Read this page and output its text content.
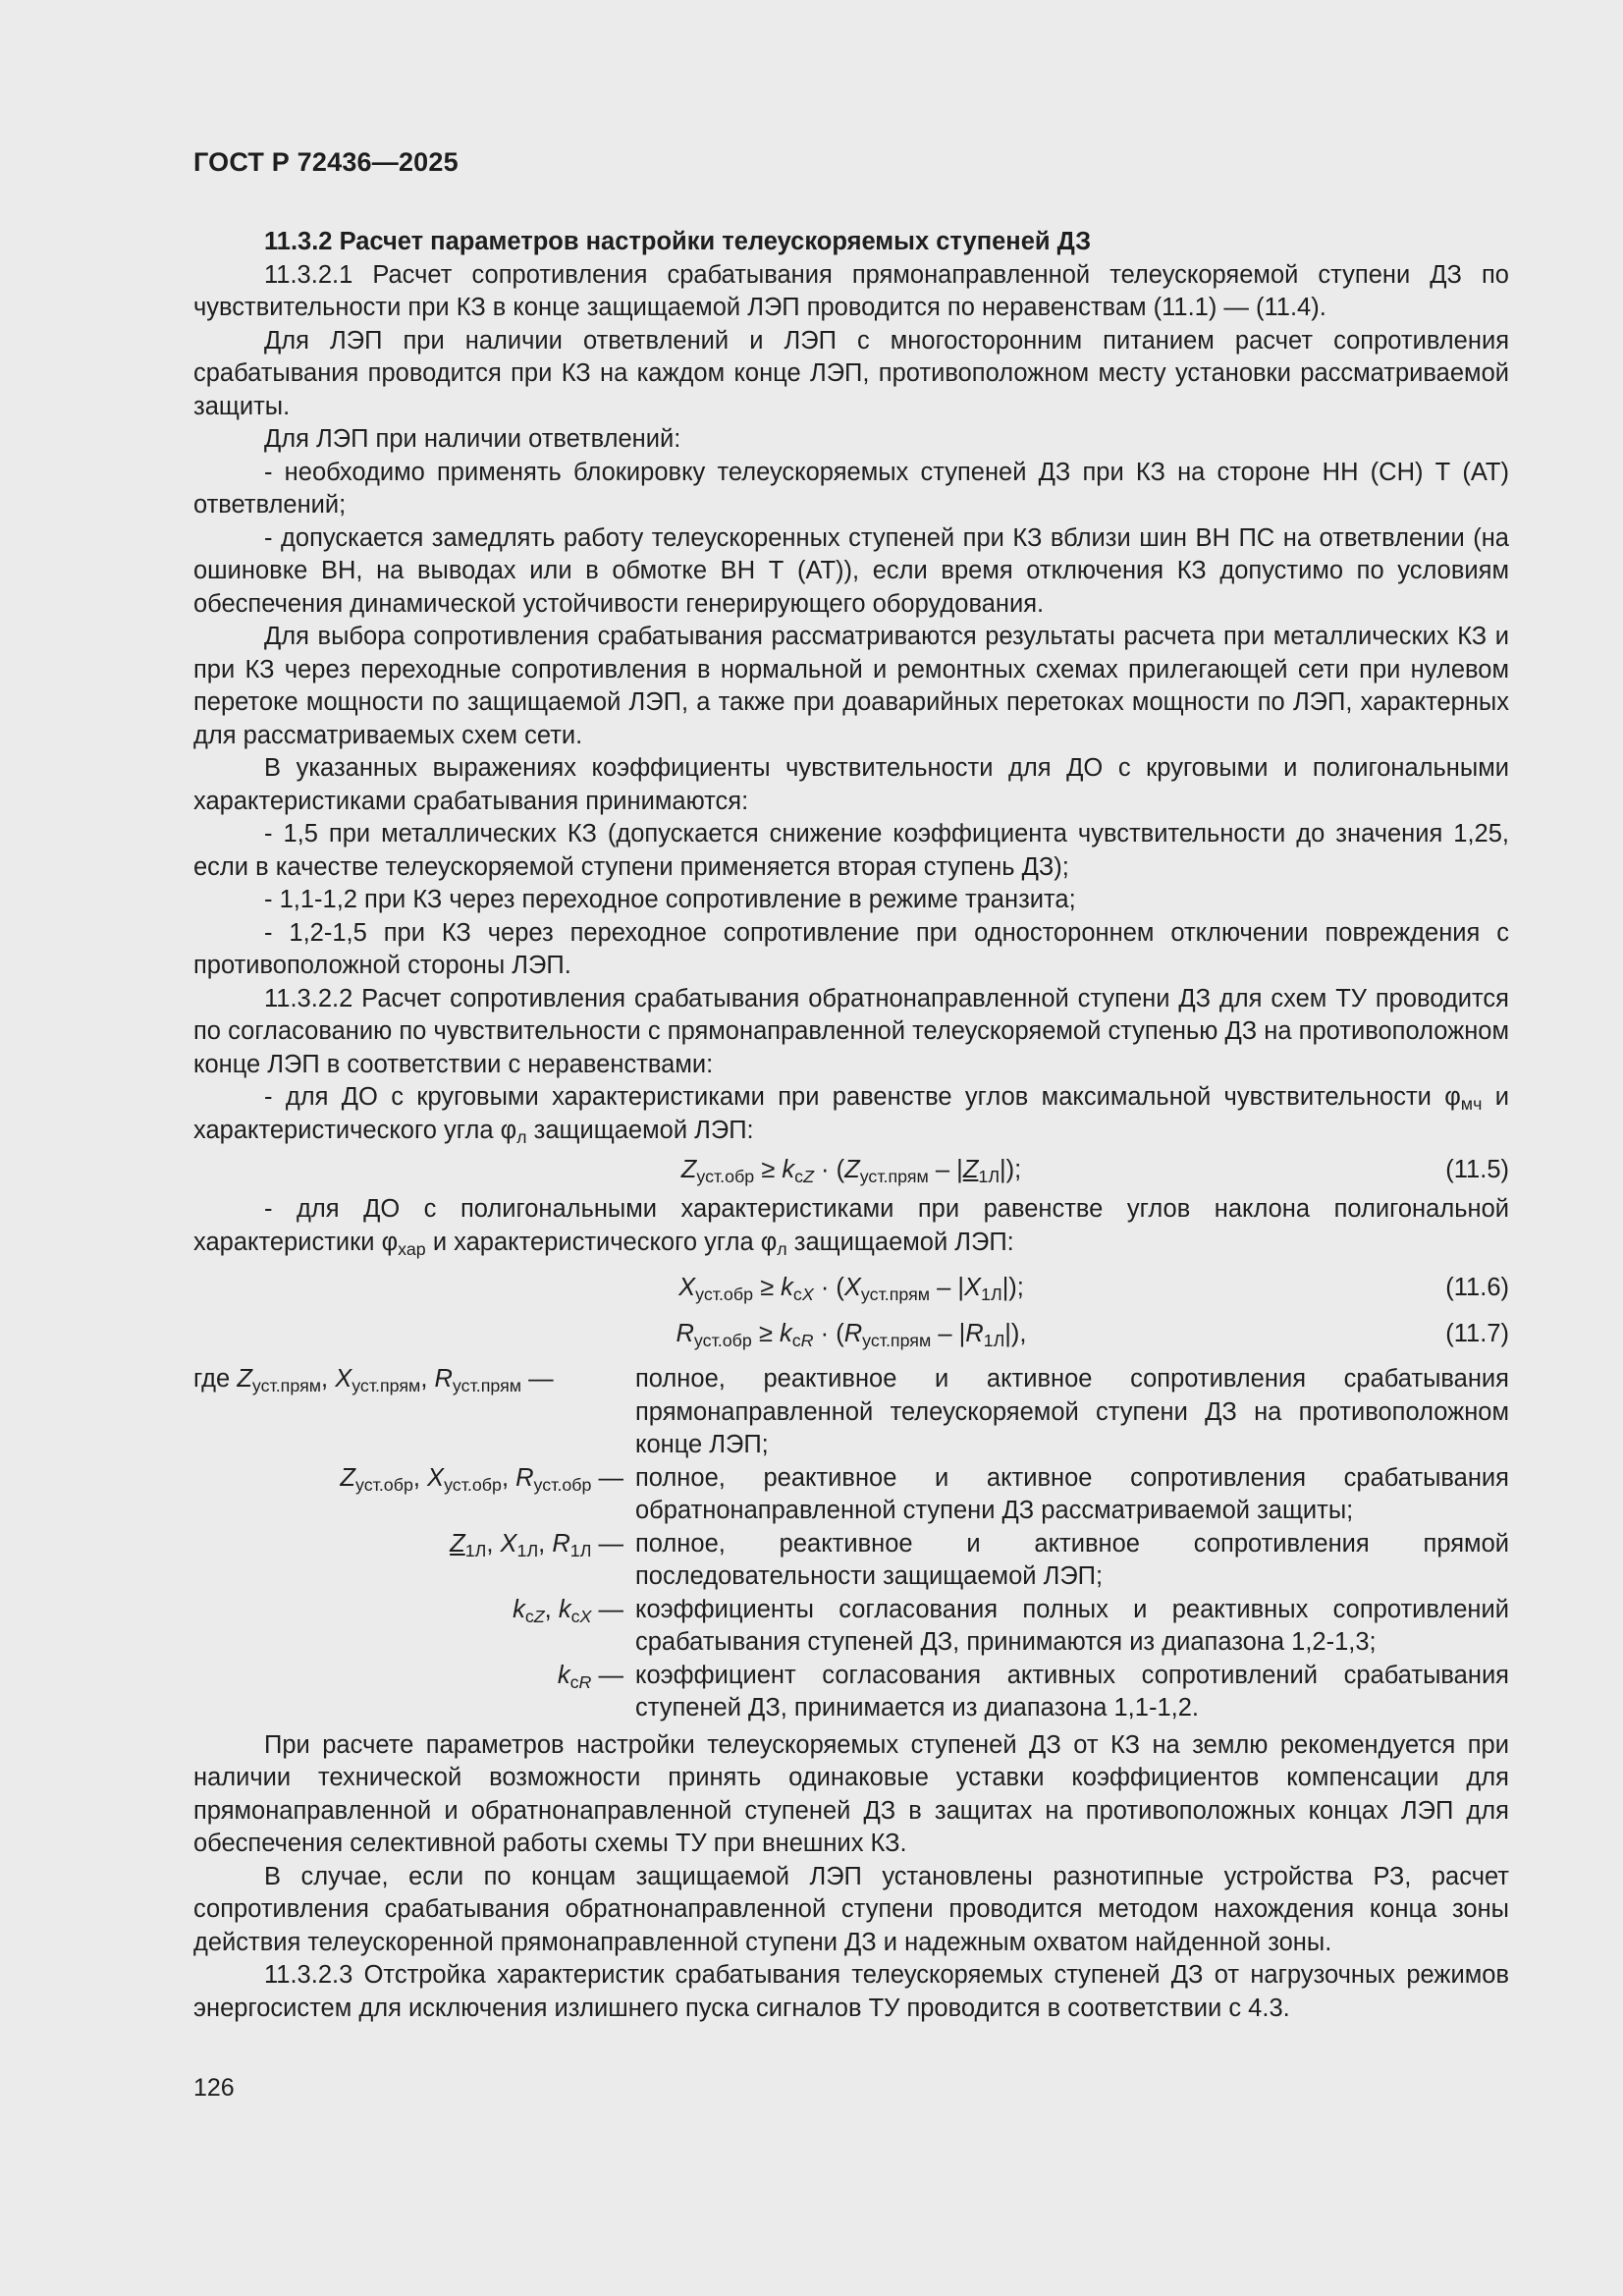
ГОСТ Р 72436—2025

11.3.2 Расчет параметров настройки телеускоряемых ступеней ДЗ

11.3.2.1 Расчет сопротивления срабатывания прямонаправленной телеускоряемой ступени ДЗ по чувствительности при КЗ в конце защищаемой ЛЭП проводится по неравенствам (11.1) — (11.4).

Для ЛЭП при наличии ответвлений и ЛЭП с многосторонним питанием расчет сопротивления срабатывания проводится при КЗ на каждом конце ЛЭП, противоположном месту установки рассматриваемой защиты.

Для ЛЭП при наличии ответвлений:

- необходимо применять блокировку телеускоряемых ступеней ДЗ при КЗ на стороне НН (СН) Т (АТ) ответвлений;

- допускается замедлять работу телеускоренных ступеней при КЗ вблизи шин ВН ПС на ответвлении (на ошиновке ВН, на выводах или в обмотке ВН Т (АТ)), если время отключения КЗ допустимо по условиям обеспечения динамической устойчивости генерирующего оборудования.

Для выбора сопротивления срабатывания рассматриваются результаты расчета при металлических КЗ и при КЗ через переходные сопротивления в нормальной и ремонтных схемах прилегающей сети при нулевом перетоке мощности по защищаемой ЛЭП, а также при доаварийных перетоках мощности по ЛЭП, характерных для рассматриваемых схем сети.

В указанных выражениях коэффициенты чувствительности для ДО с круговыми и полигональными характеристиками срабатывания принимаются:

- 1,5 при металлических КЗ (допускается снижение коэффициента чувствительности до значения 1,25, если в качестве телеускоряемой ступени применяется вторая ступень ДЗ);

- 1,1-1,2 при КЗ через переходное сопротивление в режиме транзита;

- 1,2-1,5 при КЗ через переходное сопротивление при одностороннем отключении повреждения с противоположной стороны ЛЭП.

11.3.2.2 Расчет сопротивления срабатывания обратнонаправленной ступени ДЗ для схем ТУ проводится по согласованию по чувствительности с прямонаправленной телеускоряемой ступенью ДЗ на противоположном конце ЛЭП в соответствии с неравенствами:

- для ДО с круговыми характеристиками при равенстве углов максимальной чувствительности $\varphi_{мч}$ и характеристического угла $\varphi_л$ защищаемой ЛЭП:

$Z_{уст.обр} \ge k_{сZ} \cdot (Z_{уст.прям} - |Z_{1Л}|)$;	(11.5)

- для ДО с полигональными характеристиками при равенстве углов наклона полигональной характеристики $\varphi_{хар}$ и характеристического угла $\varphi_л$ защищаемой ЛЭП:

$X_{уст.обр} \ge k_{сX} \cdot (X_{уст.прям} - |X_{1Л}|)$;	(11.6)
$R_{уст.обр} \ge k_{сR} \cdot (R_{уст.прям} - |R_{1Л}|)$,	(11.7)
где $Z_{уст.прям}$, $X_{уст.прям}$, $R_{уст.прям}$ —	полное, реактивное и активное сопротивления срабатывания прямонаправленной телеускоряемой ступени ДЗ на противоположном конце ЛЭП;
$Z_{уст.обр}$, $X_{уст.обр}$, $R_{уст.обр}$ — полное, реактивное и активное сопротивления срабатывания обратнонаправленной ступени ДЗ рассматриваемой защиты;
$Z_{1Л}$, $X_{1Л}$, $R_{1Л}$ — полное, реактивное и активное сопротивления прямой последовательности защищаемой ЛЭП;
$k_{сZ}$, $k_{сX}$ — коэффициенты согласования полных и реактивных сопротивлений срабатывания ступеней ДЗ, принимаются из диапазона 1,2-1,3;
$k_{сR}$ — коэффициент согласования активных сопротивлений срабатывания ступеней ДЗ, принимается из диапазона 1,1-1,2.

При расчете параметров настройки телеускоряемых ступеней ДЗ от КЗ на землю рекомендуется при наличии технической возможности принять одинаковые уставки коэффициентов компенсации для прямонаправленной и обратнонаправленной ступеней ДЗ в защитах на противоположных концах ЛЭП для обеспечения селективной работы схемы ТУ при внешних КЗ.

В случае, если по концам защищаемой ЛЭП установлены разнотипные устройства РЗ, расчет сопротивления срабатывания обратнонаправленной ступени проводится методом нахождения конца зоны действия телеускоренной прямонаправленной ступени ДЗ и надежным охватом найденной зоны.

11.3.2.3 Отстройка характеристик срабатывания телеускоряемых ступеней ДЗ от нагрузочных режимов энергосистем для исключения излишнего пуска сигналов ТУ проводится в соответствии с 4.3.

126
